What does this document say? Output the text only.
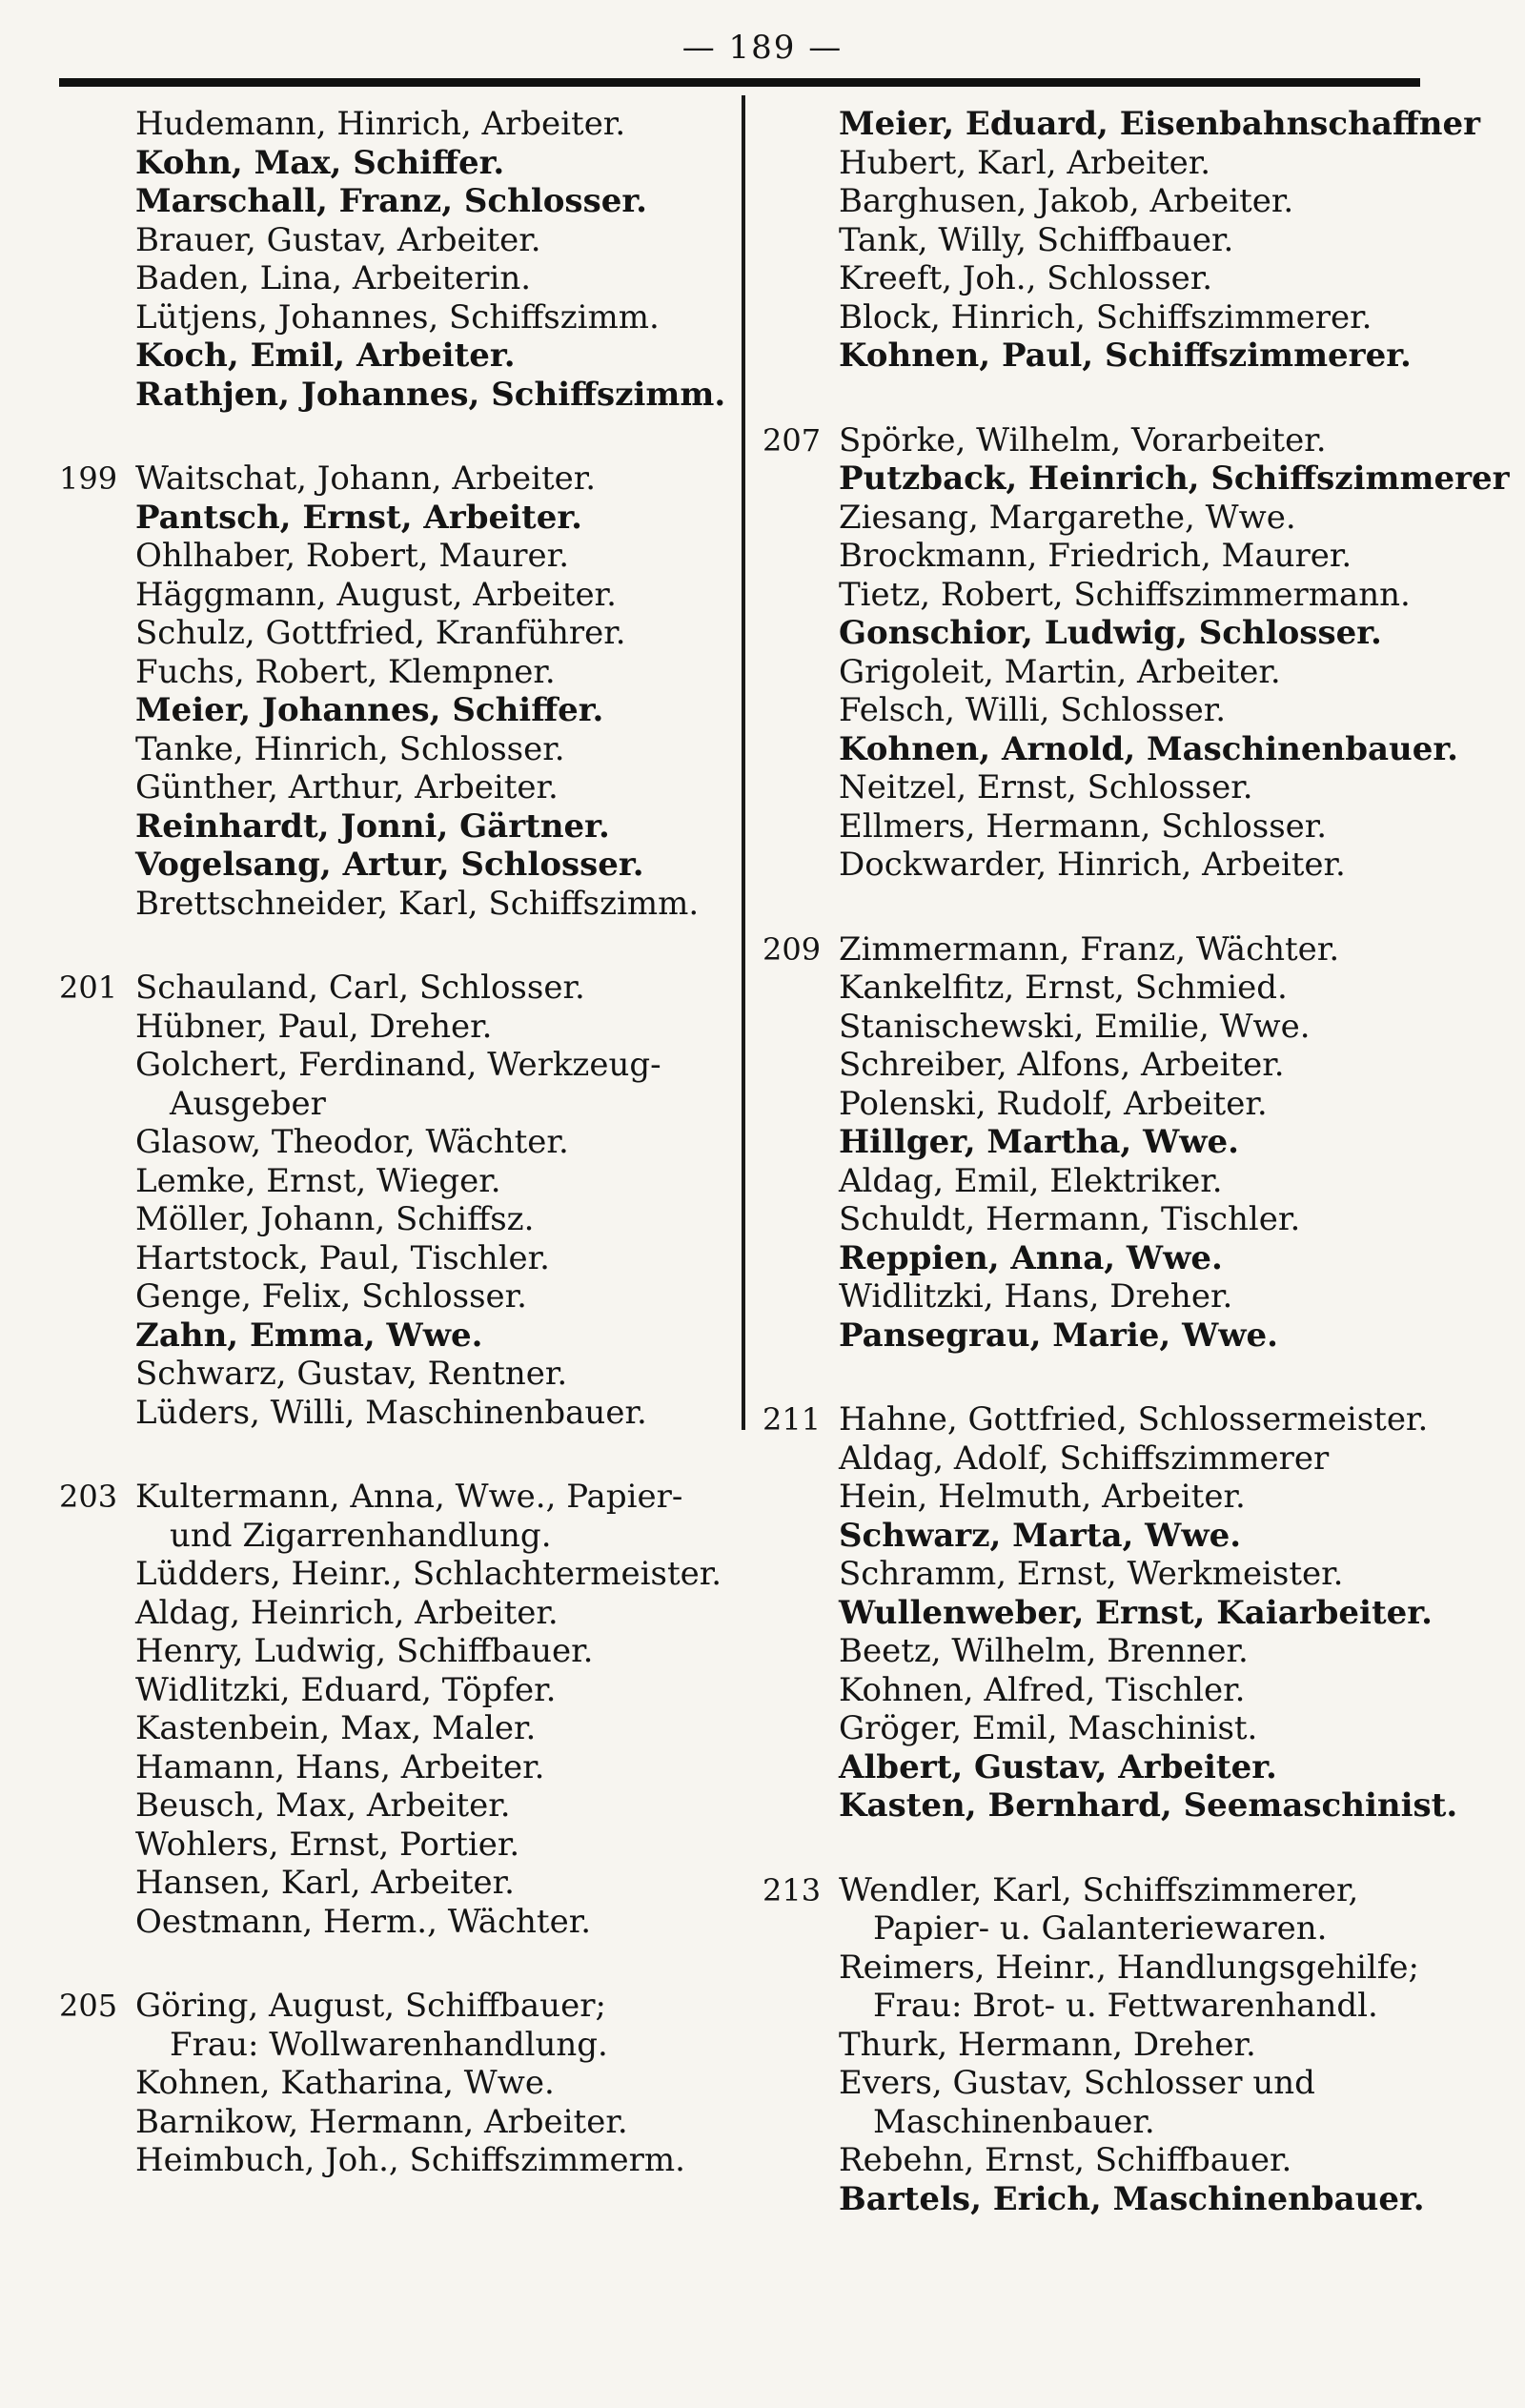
— 189 —
Hudemann, Hinrich, Arbeiter.
Kohn, Max, Schiffer.
Marschall, Franz, Schlosser.
Brauer, Gustav, Arbeiter.
Baden, Lina, Arbeiterin.
Lütjens, Johannes, Schiffszimm.
Koch, Emil, Arbeiter.
Rathjen, Johannes, Schiffszimm.
199 Waitschat, Johann, Arbeiter.
Pantsch, Ernst, Arbeiter.
Ohlhaber, Robert, Maurer.
Häggmann, August, Arbeiter.
Schulz, Gottfried, Kranführer.
Fuchs, Robert, Klempner.
Meier, Johannes, Schiffer.
Tanke, Hinrich, Schlosser.
Günther, Arthur, Arbeiter.
Reinhardt, Jonni, Gärtner.
Vogelsang, Artur, Schlosser.
Brettschneider, Karl, Schiffszimm.
201 Schauland, Carl, Schlosser.
Hübner, Paul, Dreher.
Golchert, Ferdinand, Werkzeug-
Ausgeber
Glasow, Theodor, Wächter.
Lemke, Ernst, Wieger.
Möller, Johann, Schiffsz.
Hartstock, Paul, Tischler.
Genge, Felix, Schlosser.
Zahn, Emma, Wwe.
Schwarz, Gustav, Rentner.
Lüders, Willi, Maschinenbauer.
203 Kultermann, Anna, Wwe., Papier-
und Zigarrenhandlung.
Lüdders, Heinr., Schlachtermeister.
Aldag, Heinrich, Arbeiter.
Henry, Ludwig, Schiffbauer.
Widlitzki, Eduard, Töpfer.
Kastenbein, Max, Maler.
Hamann, Hans, Arbeiter.
Beusch, Max, Arbeiter.
Wohlers, Ernst, Portier.
Hansen, Karl, Arbeiter.
Oestmann, Herm., Wächter.
205 Göring, August, Schiffbauer;
Frau: Wollwarenhandlung.
Kohnen, Katharina, Wwe.
Barnikow, Hermann, Arbeiter.
Heimbuch, Joh., Schiffszimmerm.
Meier, Eduard, Eisenbahnschaffner
Hubert, Karl, Arbeiter.
Barghusen, Jakob, Arbeiter.
Tank, Willy, Schiffbauer.
Kreeft, Joh., Schlosser.
Block, Hinrich, Schiffszimmerer.
Kohnen, Paul, Schiffszimmerer.
207 Spörke, Wilhelm, Vorarbeiter.
Putzback, Heinrich, Schiffszimmerer
Ziesang, Margarethe, Wwe.
Brockmann, Friedrich, Maurer.
Tietz, Robert, Schiffszimmermann.
Gonschior, Ludwig, Schlosser.
Grigoleit, Martin, Arbeiter.
Felsch, Willi, Schlosser.
Kohnen, Arnold, Maschinenbauer.
Neitzel, Ernst, Schlosser.
Ellmers, Hermann, Schlosser.
Dockwarder, Hinrich, Arbeiter.
209 Zimmermann, Franz, Wächter.
Kankelfitz, Ernst, Schmied.
Stanischewski, Emilie, Wwe.
Schreiber, Alfons, Arbeiter.
Polenski, Rudolf, Arbeiter.
Hillger, Martha, Wwe.
Aldag, Emil, Elektriker.
Schuldt, Hermann, Tischler.
Reppien, Anna, Wwe.
Widlitzki, Hans, Dreher.
Pansegrau, Marie, Wwe.
211 Hahne, Gottfried, Schlossermeister.
Aldag, Adolf, Schiffszimmerer
Hein, Helmuth, Arbeiter.
Schwarz, Marta, Wwe.
Schramm, Ernst, Werkmeister.
Wullenweber, Ernst, Kaiarbeiter.
Beetz, Wilhelm, Brenner.
Kohnen, Alfred, Tischler.
Gröger, Emil, Maschinist.
Albert, Gustav, Arbeiter.
Kasten, Bernhard, Seemaschinist.
213 Wendler, Karl, Schiffszimmerer,
Papier- u. Galanteriewaren.
Reimers, Heinr., Handlungsgehilfe;
Frau: Brot- u. Fettwarenhandl.
Thurk, Hermann, Dreher.
Evers, Gustav, Schlosser und
Maschinenbauer.
Rebehn, Ernst, Schiffbauer.
Bartels, Erich, Maschinenbauer.
